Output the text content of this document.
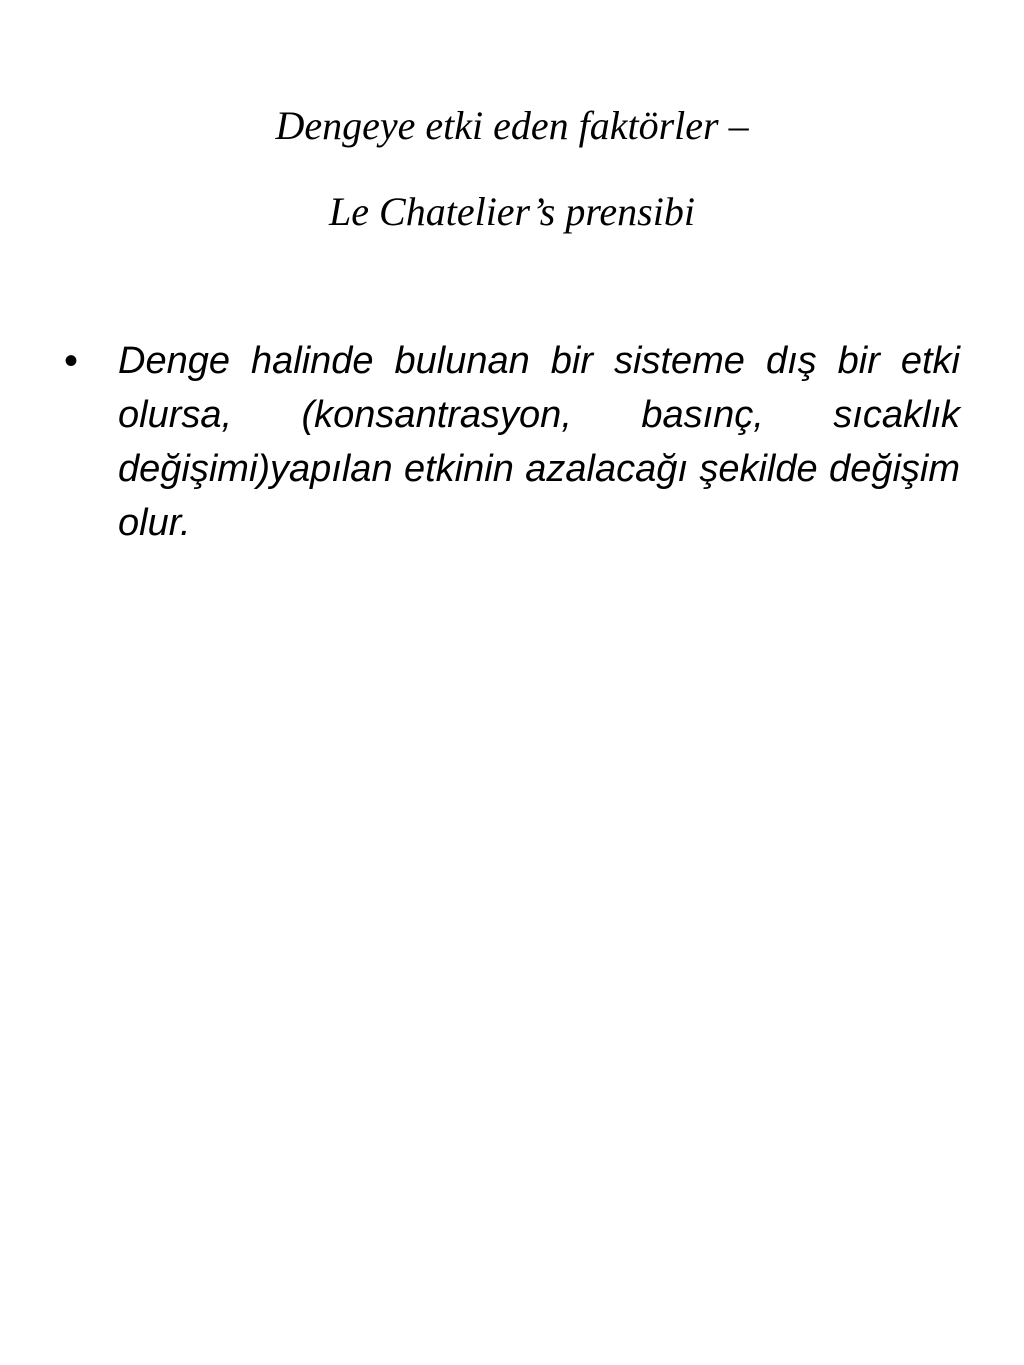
Dengeye etki eden faktörler –
Le Chatelier’s prensibi
• Denge halinde bulunan bir sisteme dış bir etki olursa, (konsantrasyon, basınç, sıcaklık değişimi)yapılan etkinin azalacağı şekilde değişim olur.
